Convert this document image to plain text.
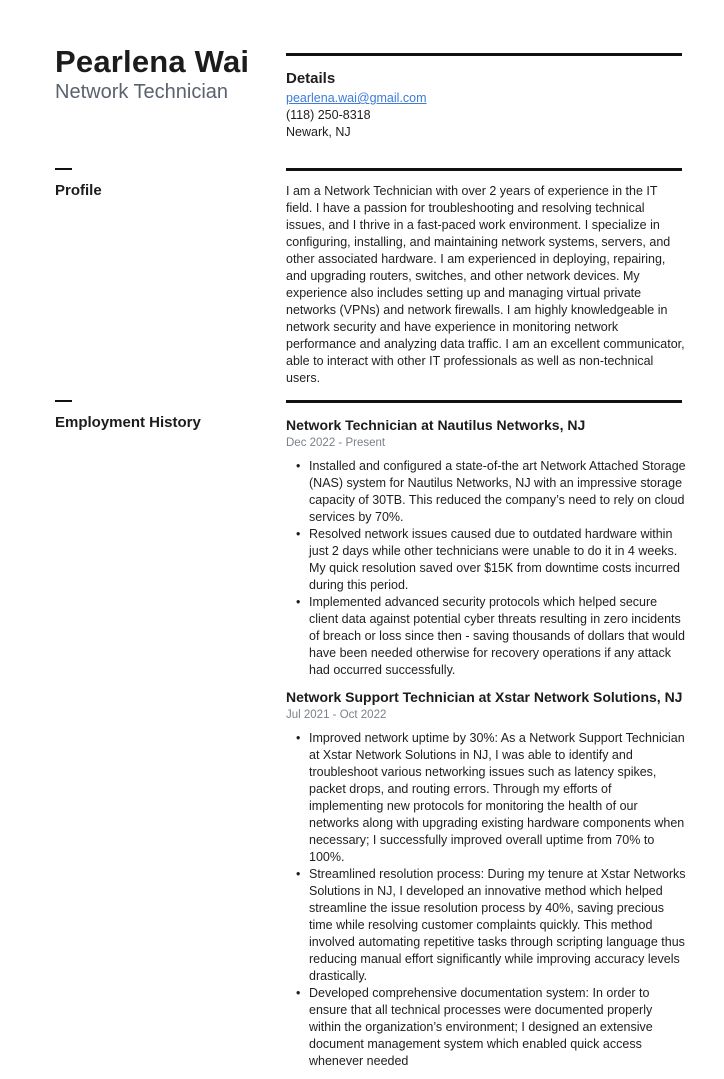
Pearlena Wai
Network Technician
Details
pearlena.wai@gmail.com
(118) 250-8318
Newark, NJ
Profile	I am a Network Technician with over 2 years of experience in the IT field. I have a passion for troubleshooting and resolving technical issues, and I thrive in a fast-paced work environment. I specialize in configuring, installing, and maintaining network systems, servers, and other associated hardware. I am experienced in deploying, repairing, and upgrading routers, switches, and other network devices. My experience also includes setting up and managing virtual private networks (VPNs) and network firewalls. I am highly knowledgeable in network security and have experience in monitoring network performance and analyzing data traffic. I am an excellent communicator, able to interact with other IT professionals as well as non-technical users.
Employment History	Network Technician at Nautilus Networks, NJ
Dec 2022 - Present
• Installed and configured a state-of-the art Network Attached Storage (NAS) system for Nautilus Networks, NJ with an impressive storage capacity of 30TB. This reduced the company’s need to rely on cloud services by 70%.
• Resolved network issues caused due to outdated hardware within just 2 days while other technicians were unable to do it in 4 weeks. My quick resolution saved over $15K from downtime costs incurred during this period.
• Implemented advanced security protocols which helped secure client data against potential cyber threats resulting in zero incidents of breach or loss since then - saving thousands of dollars that would have been needed otherwise for recovery operations if any attack had occurred successfully.
Network Support Technician at Xstar Network Solutions, NJ
Jul 2021 - Oct 2022
• Improved network uptime by 30%: As a Network Support Technician at Xstar Network Solutions in NJ, I was able to identify and troubleshoot various networking issues such as latency spikes, packet drops, and routing errors. Through my efforts of implementing new protocols for monitoring the health of our networks along with upgrading existing hardware components when necessary; I successfully improved overall uptime from 70% to 100%.
• Streamlined resolution process: During my tenure at Xstar Networks Solutions in NJ, I developed an innovative method which helped streamline the issue resolution process by 40%, saving precious time while resolving customer complaints quickly. This method involved automating repetitive tasks through scripting language thus reducing manual effort significantly while improving accuracy levels drastically.
• Developed comprehensive documentation system: In order to ensure that all technical processes were documented properly within the organization’s environment; I designed an extensive document management system which enabled quick access whenever needed
